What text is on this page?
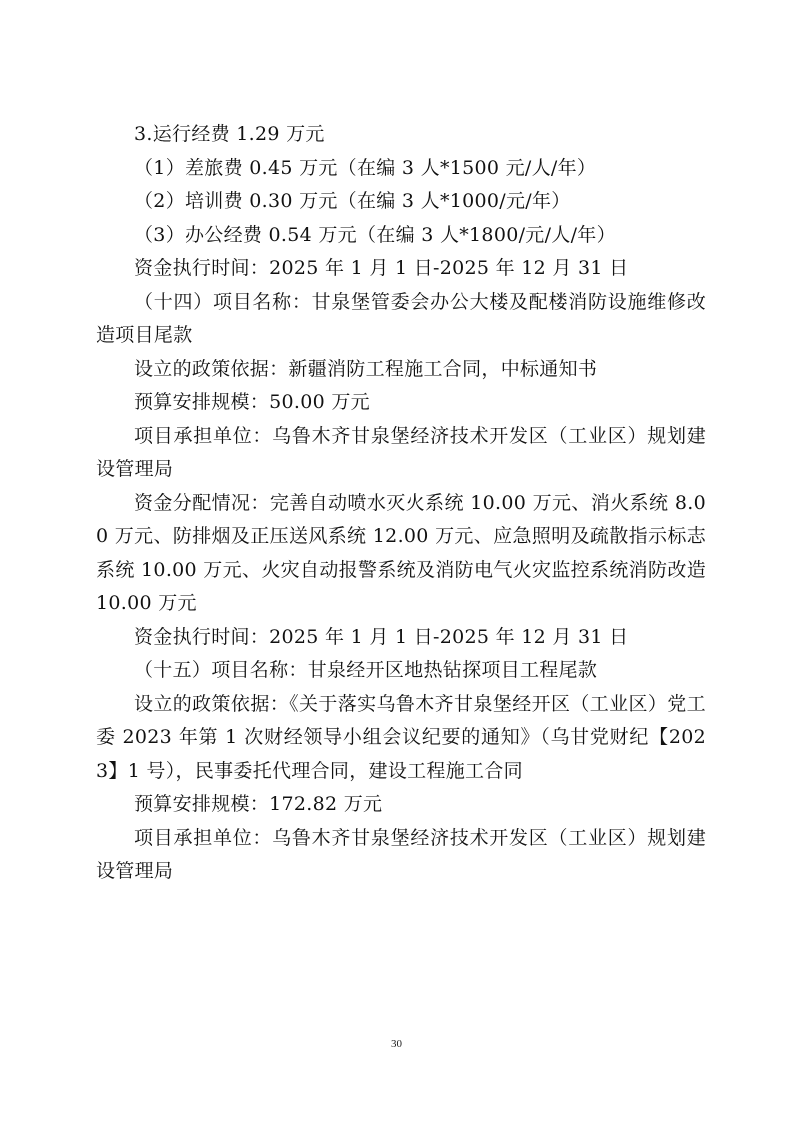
3.运行经费 1.29 万元

（1）差旅费 0.45 万元（在编 3 人*1500 元/人/年）

（2）培训费 0.30 万元（在编 3 人*1000/元/年）

（3）办公经费 0.54 万元（在编 3 人*1800/元/人/年）

资金执行时间：2025 年 1 月 1 日-2025 年 12 月 31 日

（十四）项目名称：甘泉堡管委会办公大楼及配楼消防设施维修改造项目尾款

设立的政策依据：新疆消防工程施工合同，中标通知书

预算安排规模：50.00 万元

项目承担单位：乌鲁木齐甘泉堡经济技术开发区（工业区）规划建设管理局

资金分配情况：完善自动喷水灭火系统 10.00 万元、消火系统 8.00 万元、防排烟及正压送风系统 12.00 万元、应急照明及疏散指示标志系统 10.00 万元、火灾自动报警系统及消防电气火灾监控系统消防改造 10.00 万元

资金执行时间：2025 年 1 月 1 日-2025 年 12 月 31 日

（十五）项目名称：甘泉经开区地热钻探项目工程尾款

设立的政策依据：《关于落实乌鲁木齐甘泉堡经开区（工业区）党工委 2023 年第 1 次财经领导小组会议纪要的通知》（乌甘党财纪【2023】1 号），民事委托代理合同，建设工程施工合同

预算安排规模：172.82 万元

项目承担单位：乌鲁木齐甘泉堡经济技术开发区（工业区）规划建设管理局

30
